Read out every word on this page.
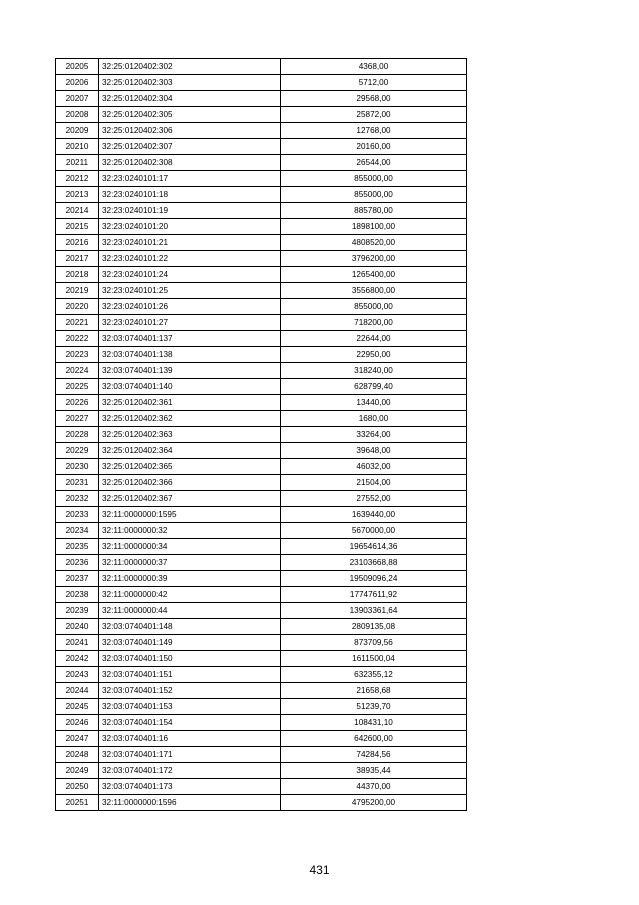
20205	32:25:0120402:302	4368,00
20206	32:25:0120402:303	5712,00
20207	32:25:0120402:304	29568,00
20208	32:25:0120402:305	25872,00
20209	32:25:0120402:306	12768,00
20210	32:25:0120402:307	20160,00
20211	32:25:0120402:308	26544,00
20212	32:23:0240101:17	855000,00
20213	32:23:0240101:18	855000,00
20214	32:23:0240101:19	885780,00
20215	32:23:0240101:20	1898100,00
20216	32:23:0240101:21	4808520,00
20217	32:23:0240101:22	3796200,00
20218	32:23:0240101:24	1265400,00
20219	32:23:0240101:25	3556800,00
20220	32:23:0240101:26	855000,00
20221	32:23:0240101:27	718200,00
20222	32:03:0740401:137	22644,00
20223	32:03:0740401:138	22950,00
20224	32:03:0740401:139	318240,00
20225	32:03:0740401:140	628799,40
20226	32:25:0120402:361	13440,00
20227	32:25:0120402:362	1680,00
20228	32:25:0120402:363	33264,00
20229	32:25:0120402:364	39648,00
20230	32:25:0120402:365	46032,00
20231	32:25:0120402:366	21504,00
20232	32:25:0120402:367	27552,00
20233	32:11:0000000:1595	1639440,00
20234	32:11:0000000:32	5670000,00
20235	32:11:0000000:34	19654614,36
20236	32:11:0000000:37	23103668,88
20237	32:11:0000000:39	19509096,24
20238	32:11:0000000:42	17747611,92
20239	32:11:0000000:44	13903361,64
20240	32:03:0740401:148	2809135,08
20241	32:03:0740401:149	873709,56
20242	32:03:0740401:150	1611500,04
20243	32:03:0740401:151	632355,12
20244	32:03:0740401:152	21658,68
20245	32:03:0740401:153	51239,70
20246	32:03:0740401:154	108431,10
20247	32:03:0740401:16	642600,00
20248	32:03:0740401:171	74284,56
20249	32:03:0740401:172	38935,44
20250	32:03:0740401:173	44370,00
20251	32:11:0000000:1596	4795200,00
431
